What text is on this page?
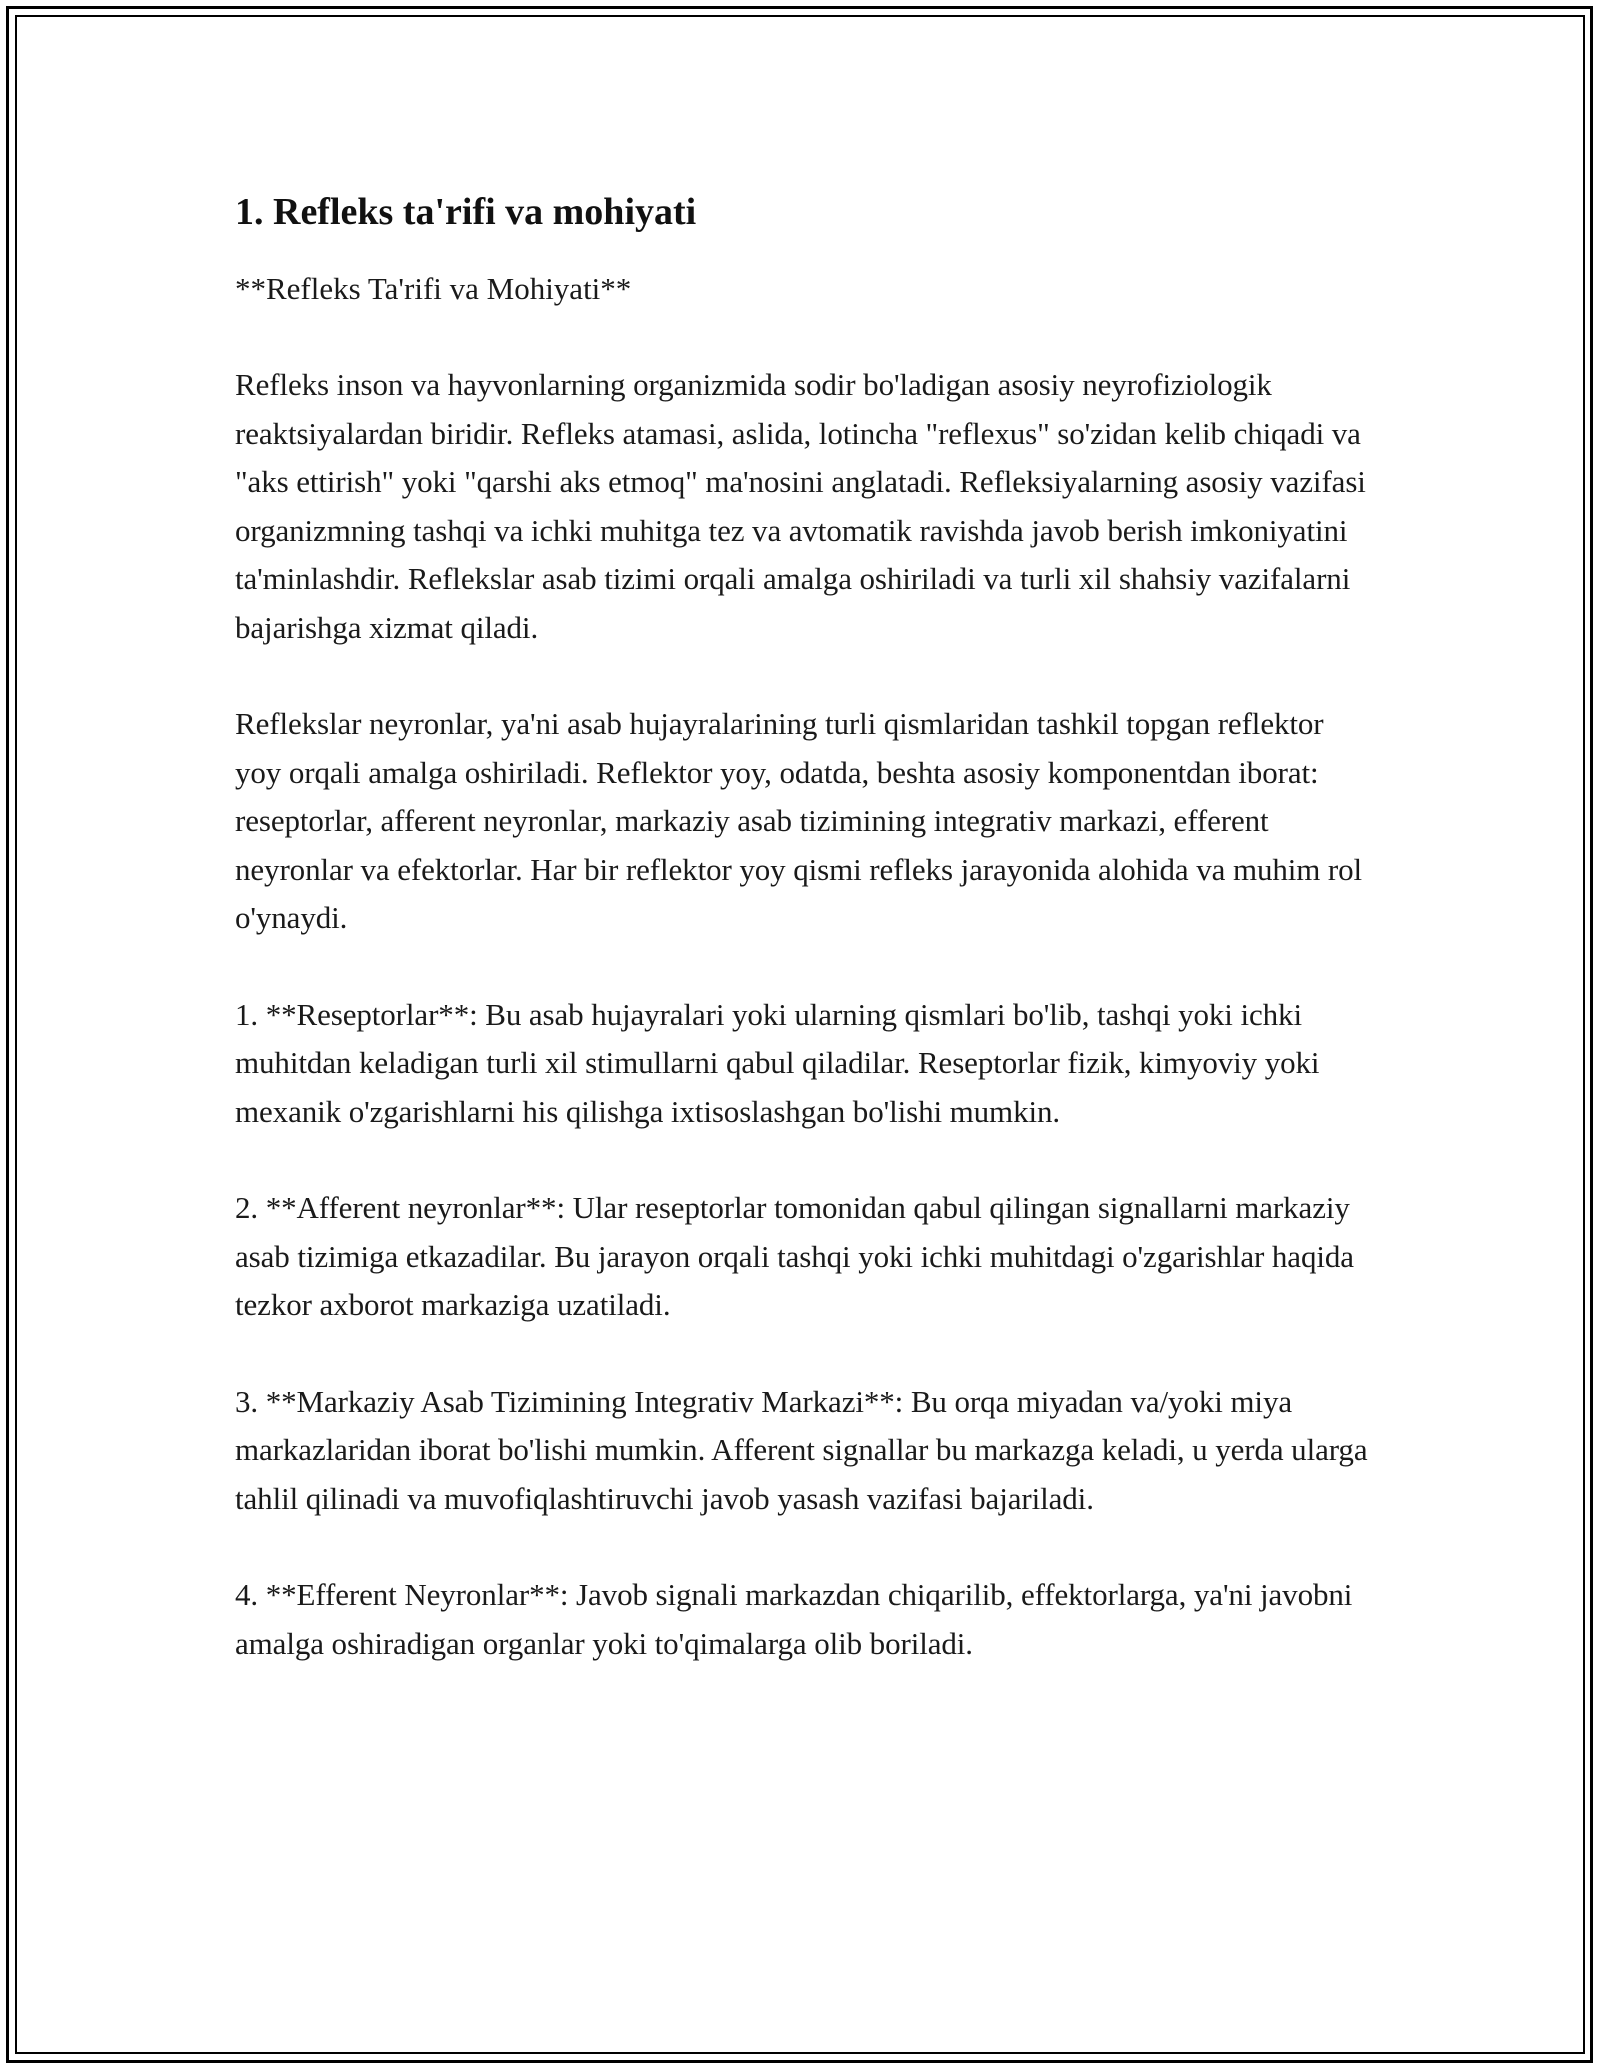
1. Refleks ta'rifi va mohiyati
**Refleks Ta'rifi va Mohiyati**

Refleks inson va hayvonlarning organizmida sodir bo'ladigan asosiy neyrofiziologik reaktsiyalardan biridir. Refleks atamasi, aslida, lotincha "reflexus" so'zidan kelib chiqadi va "aks ettirish" yoki "qarshi aks etmoq" ma'nosini anglatadi. Refleksiyalarning asosiy vazifasi organizmning tashqi va ichki muhitga tez va avtomatik ravishda javob berish imkoniyatini ta'minlashdir. Reflekslar asab tizimi orqali amalga oshiriladi va turli xil shahsiy vazifalarni bajarishga xizmat qiladi.

Reflekslar neyronlar, ya'ni asab hujayralarining turli qismlaridan tashkil topgan reflektor yoy orqali amalga oshiriladi. Reflektor yoy, odatda, beshta asosiy komponentdan iborat: reseptorlar, afferent neyronlar, markaziy asab tizimining integrativ markazi, efferent neyronlar va efektorlar. Har bir reflektor yoy qismi refleks jarayonida alohida va muhim rol o'ynaydi.

1. **Reseptorlar**: Bu asab hujayralari yoki ularning qismlari bo'lib, tashqi yoki ichki muhitdan keladigan turli xil stimullarni qabul qiladilar. Reseptorlar fizik, kimyoviy yoki mexanik o'zgarishlarni his qilishga ixtisoslashgan bo'lishi mumkin.

2. **Afferent neyronlar**: Ular reseptorlar tomonidan qabul qilingan signallarni markaziy asab tizimiga etkazadilar. Bu jarayon orqali tashqi yoki ichki muhitdagi o'zgarishlar haqida tezkor axborot markaziga uzatiladi.

3. **Markaziy Asab Tizimining Integrativ Markazi**: Bu orqa miyadan va/yoki miya markazlaridan iborat bo'lishi mumkin. Afferent signallar bu markazga keladi, u yerda ularga tahlil qilinadi va muvofiqlashtiruvchi javob yasash vazifasi bajariladi.

4. **Efferent Neyronlar**: Javob signali markazdan chiqarilib, effektorlarga, ya'ni javobni amalga oshiradigan organlar yoki to'qimalarga olib boriladi.
